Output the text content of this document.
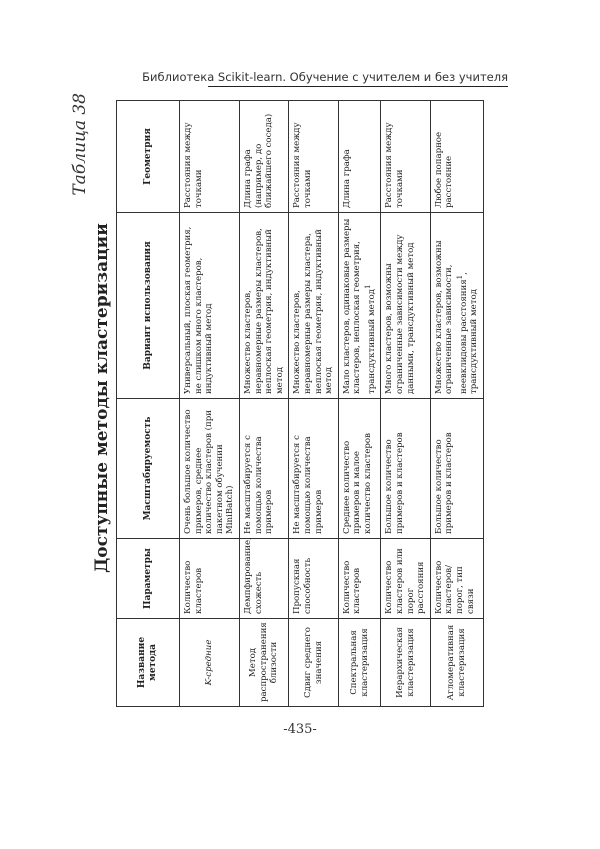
Библиотека Scikit-learn. Обучение с учителем и без учителя

Таблица 38

Доступные методы кластеризации

Название метода	Параметры	Масштабируемость	Вариант использования	Геометрия
K-средние	Количество кластеров	Очень большое количество примеров, среднее количество кластеров (при пакетном обучении MiniBatch)	Универсальный, плоская геометрия, не слишком много кластеров, индуктивный метод	Расстояния между точками
Метод распространения близости	Демпфирование, схожесть	Не масштабируется с помощью количества примеров	Множество кластеров, неравномерные размеры кластеров, неплоская геометрия, индуктивный метод	Длина графа (например, до ближайшего соседа)
Сдвиг среднего значения	Пропускная способность	Не масштабируется с помощью количества примеров	Множество кластеров, неравномерные размеры кластера, неплоская геометрия, индуктивный метод	Расстояния между точками
Спектральная кластеризация	Количество кластеров	Среднее количество примеров и малое количество кластеров	Мало кластеров, одинаковые размеры кластеров, неплоская геометрия, трансдуктивный метод$^1$	Длина графа
Иерархическая кластеризация	Количество кластеров или порог расстояния	Большое количество примеров и кластеров	Много кластеров, возможны ограниченные зависимости между данными, трансдуктивный метод	Расстояния между точками
Агломеративная кластеризация	Количество кластеров/порог, тип связи	Большое количество примеров и кластеров	Множество кластеров, возможны ограниченные зависимости, неевклидовы расстояния$^1$, трансдуктивный метод	Любое попарное расстояние

-435-
